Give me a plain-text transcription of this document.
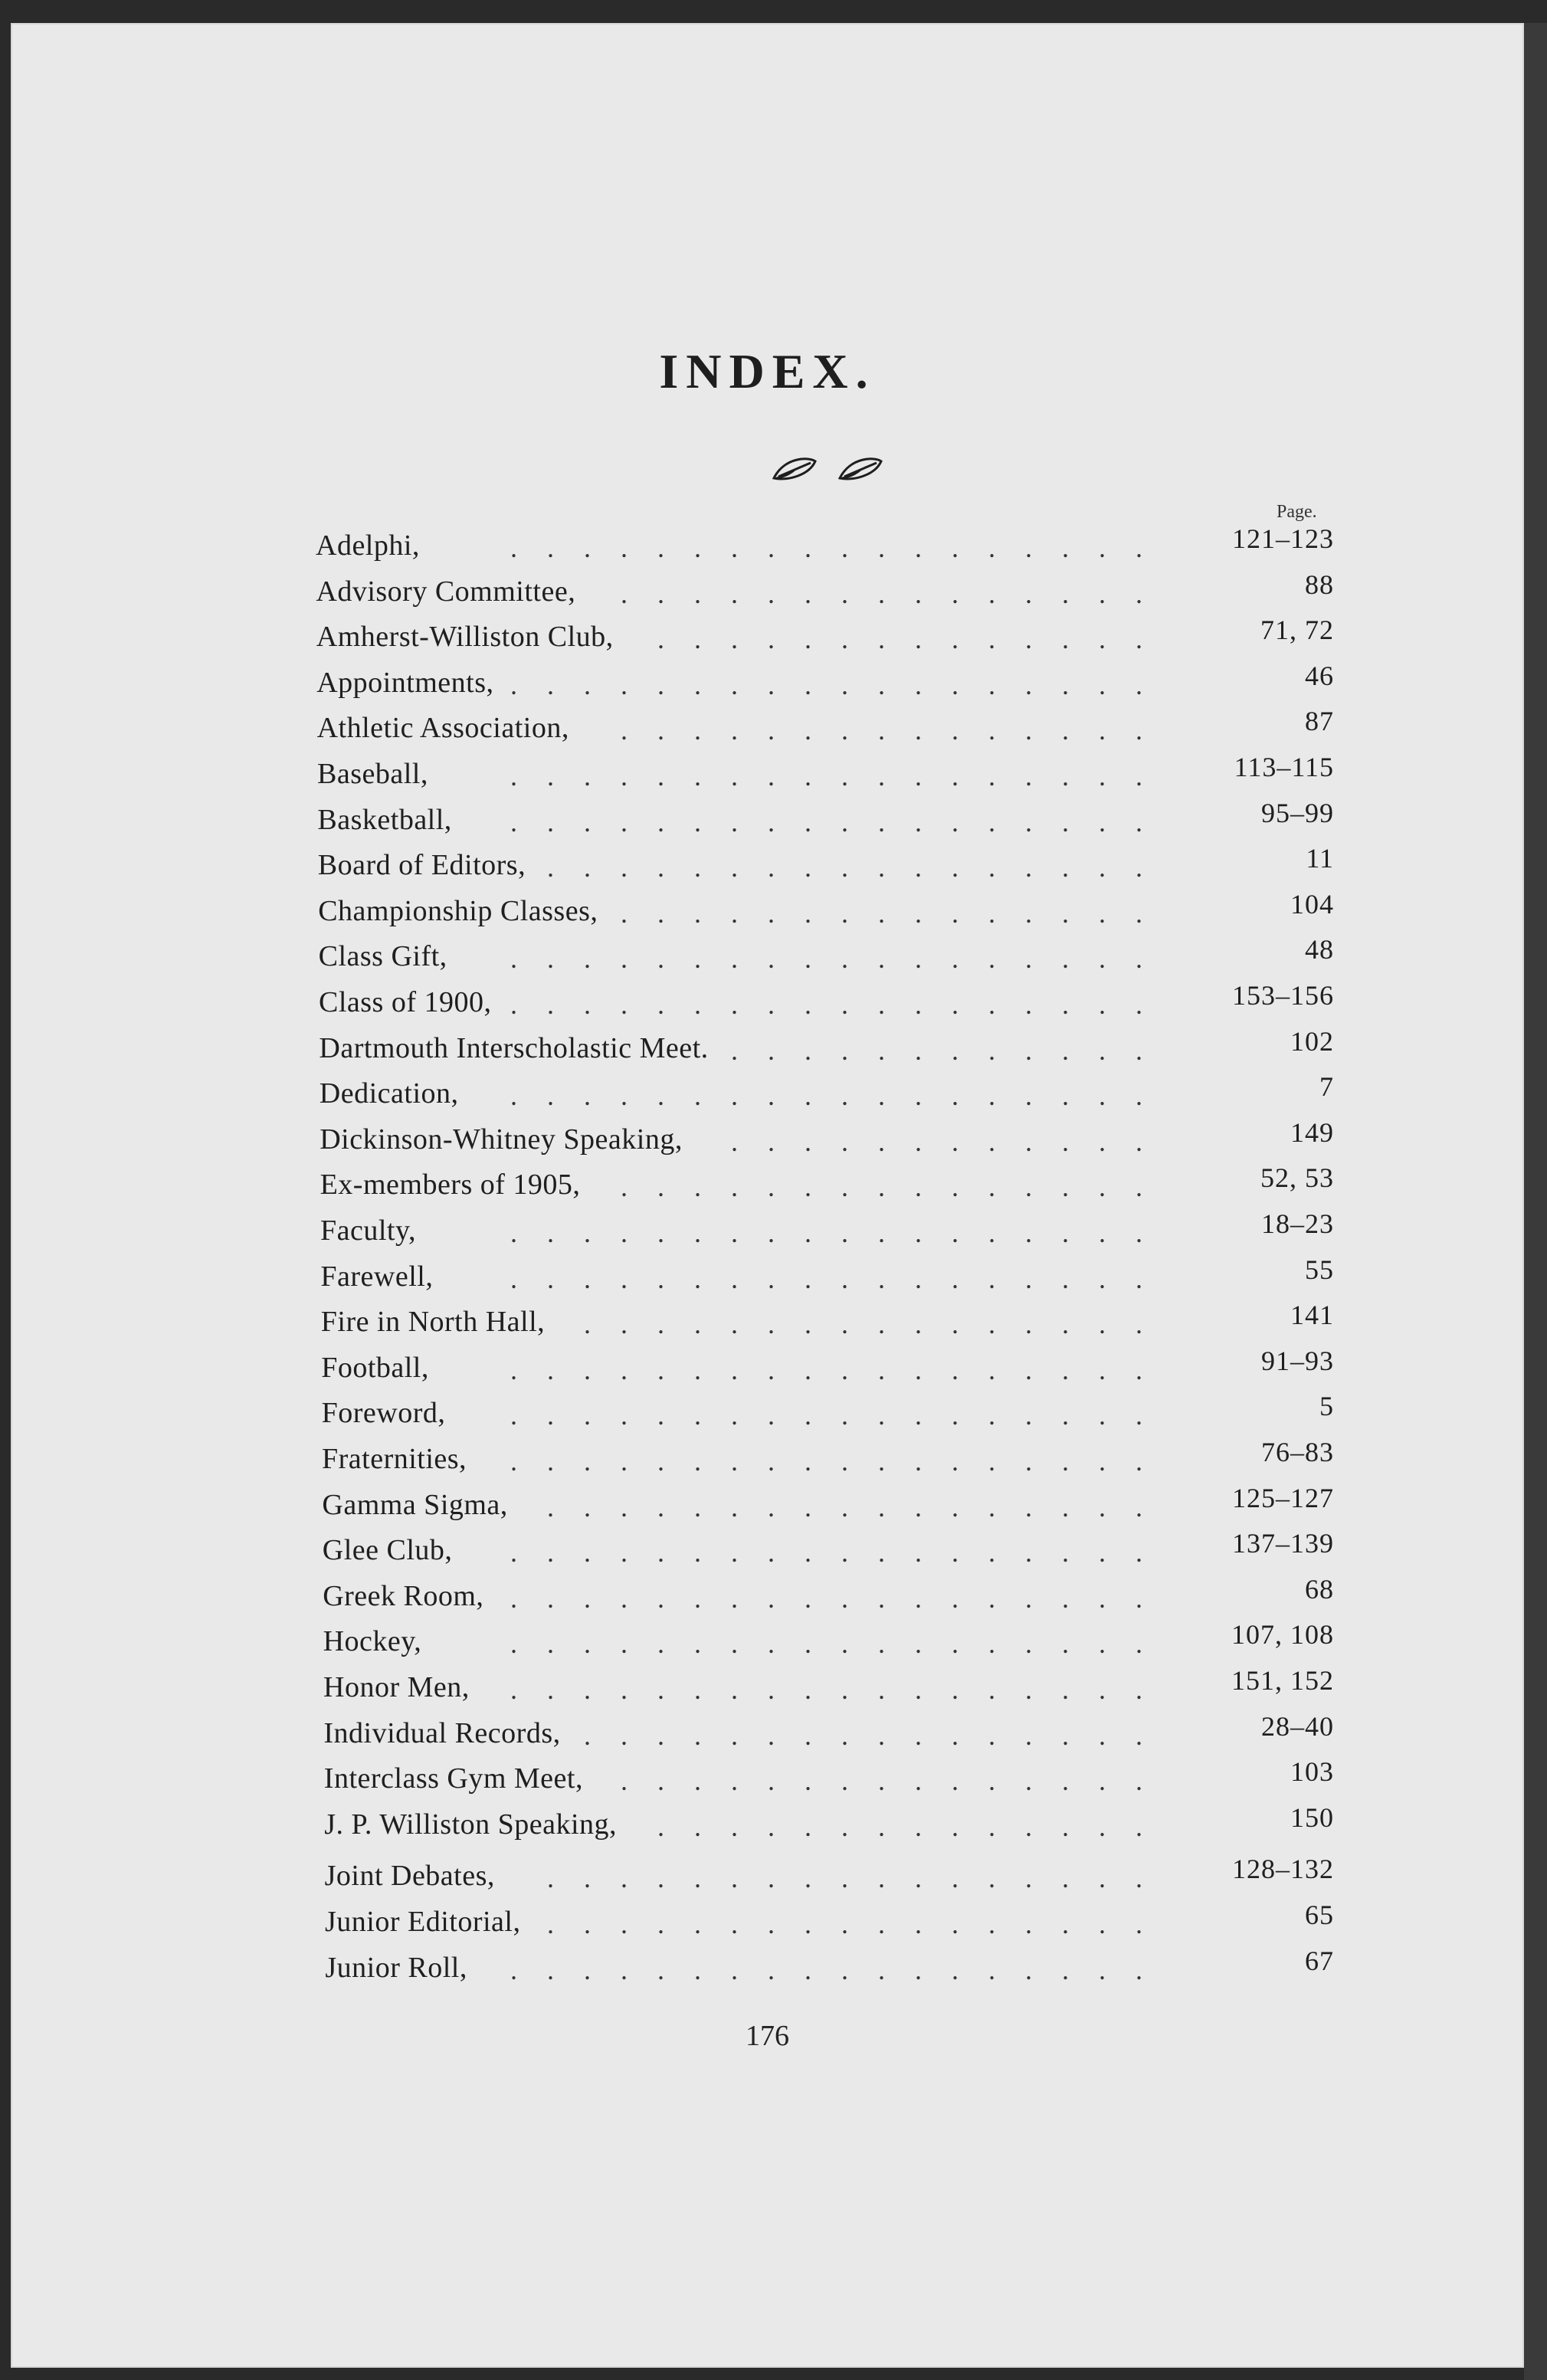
INDEX.
Page.
Adelphi,	. . . . . . . . . . . . . . . . . .	121–123
Advisory Committee, . . . . . . . . . . . . . . .	88
Amherst-Williston Club, . . . . . . . . . . . . . .	71, 72
Appointments, . . . . . . . . . . . . . . . . . .	46
Athletic Association, . . . . . . . . . . . . . . .	87
Baseball,	. . . . . . . . . . . . . . . . . .	113–115
Basketball, . . . . . . . . . . . . . . . . . .	95–99
Board of Editors, . . . . . . . . . . . . . . . . .	11
Championship Classes, . . . . . . . . . . . . . . .	104
Class Gift, . . . . . . . . . . . . . . . . . .	48
Class of 1900, . . . . . . . . . . . . . . . . . .	153–156
Dartmouth Interscholastic Meet. . . . . . . . . . . . .	102
Dedication, . . . . . . . . . . . . . . . . . .	7
Dickinson-Whitney Speaking, . . . . . . . . . . . .	149
Ex-members of 1905, . . . . . . . . . . . . . . .	52, 53
Faculty,	. . . . . . . . . . . . . . . . . .	18–23
Farewell,	. . . . . . . . . . . . . . . . . .	55
Fire in North Hall, . . . . . . . . . . . . . . . .	141
Football,	. . . . . . . . . . . . . . . . . .	91–93
Foreword, . . . . . . . . . . . . . . . . . .	5
Fraternities, . . . . . . . . . . . . . . . . . .	76–83
Gamma Sigma, . . . . . . . . . . . . . . . . .	125–127
Glee Club, . . . . . . . . . . . . . . . . . .	137–139
Greek Room, . . . . . . . . . . . . . . . . . .	68
Hockey,	. . . . . . . . . . . . . . . . . .	107, 108
Honor Men, . . . . . . . . . . . . . . . . . .	151, 152
Individual Records, . . . . . . . . . . . . . . . .	28–40
Interclass Gym Meet, . . . . . . . . . . . . . . .	103
J. P. Williston Speaking, . . . . . . . . . . . . . .	150
Joint Debates, . . . . . . . . . . . . . . . . .	128–132
Junior Editorial, . . . . . . . . . . . . . . . . .	65
Junior Roll, . . . . . . . . . . . . . . . . . .	67
176
